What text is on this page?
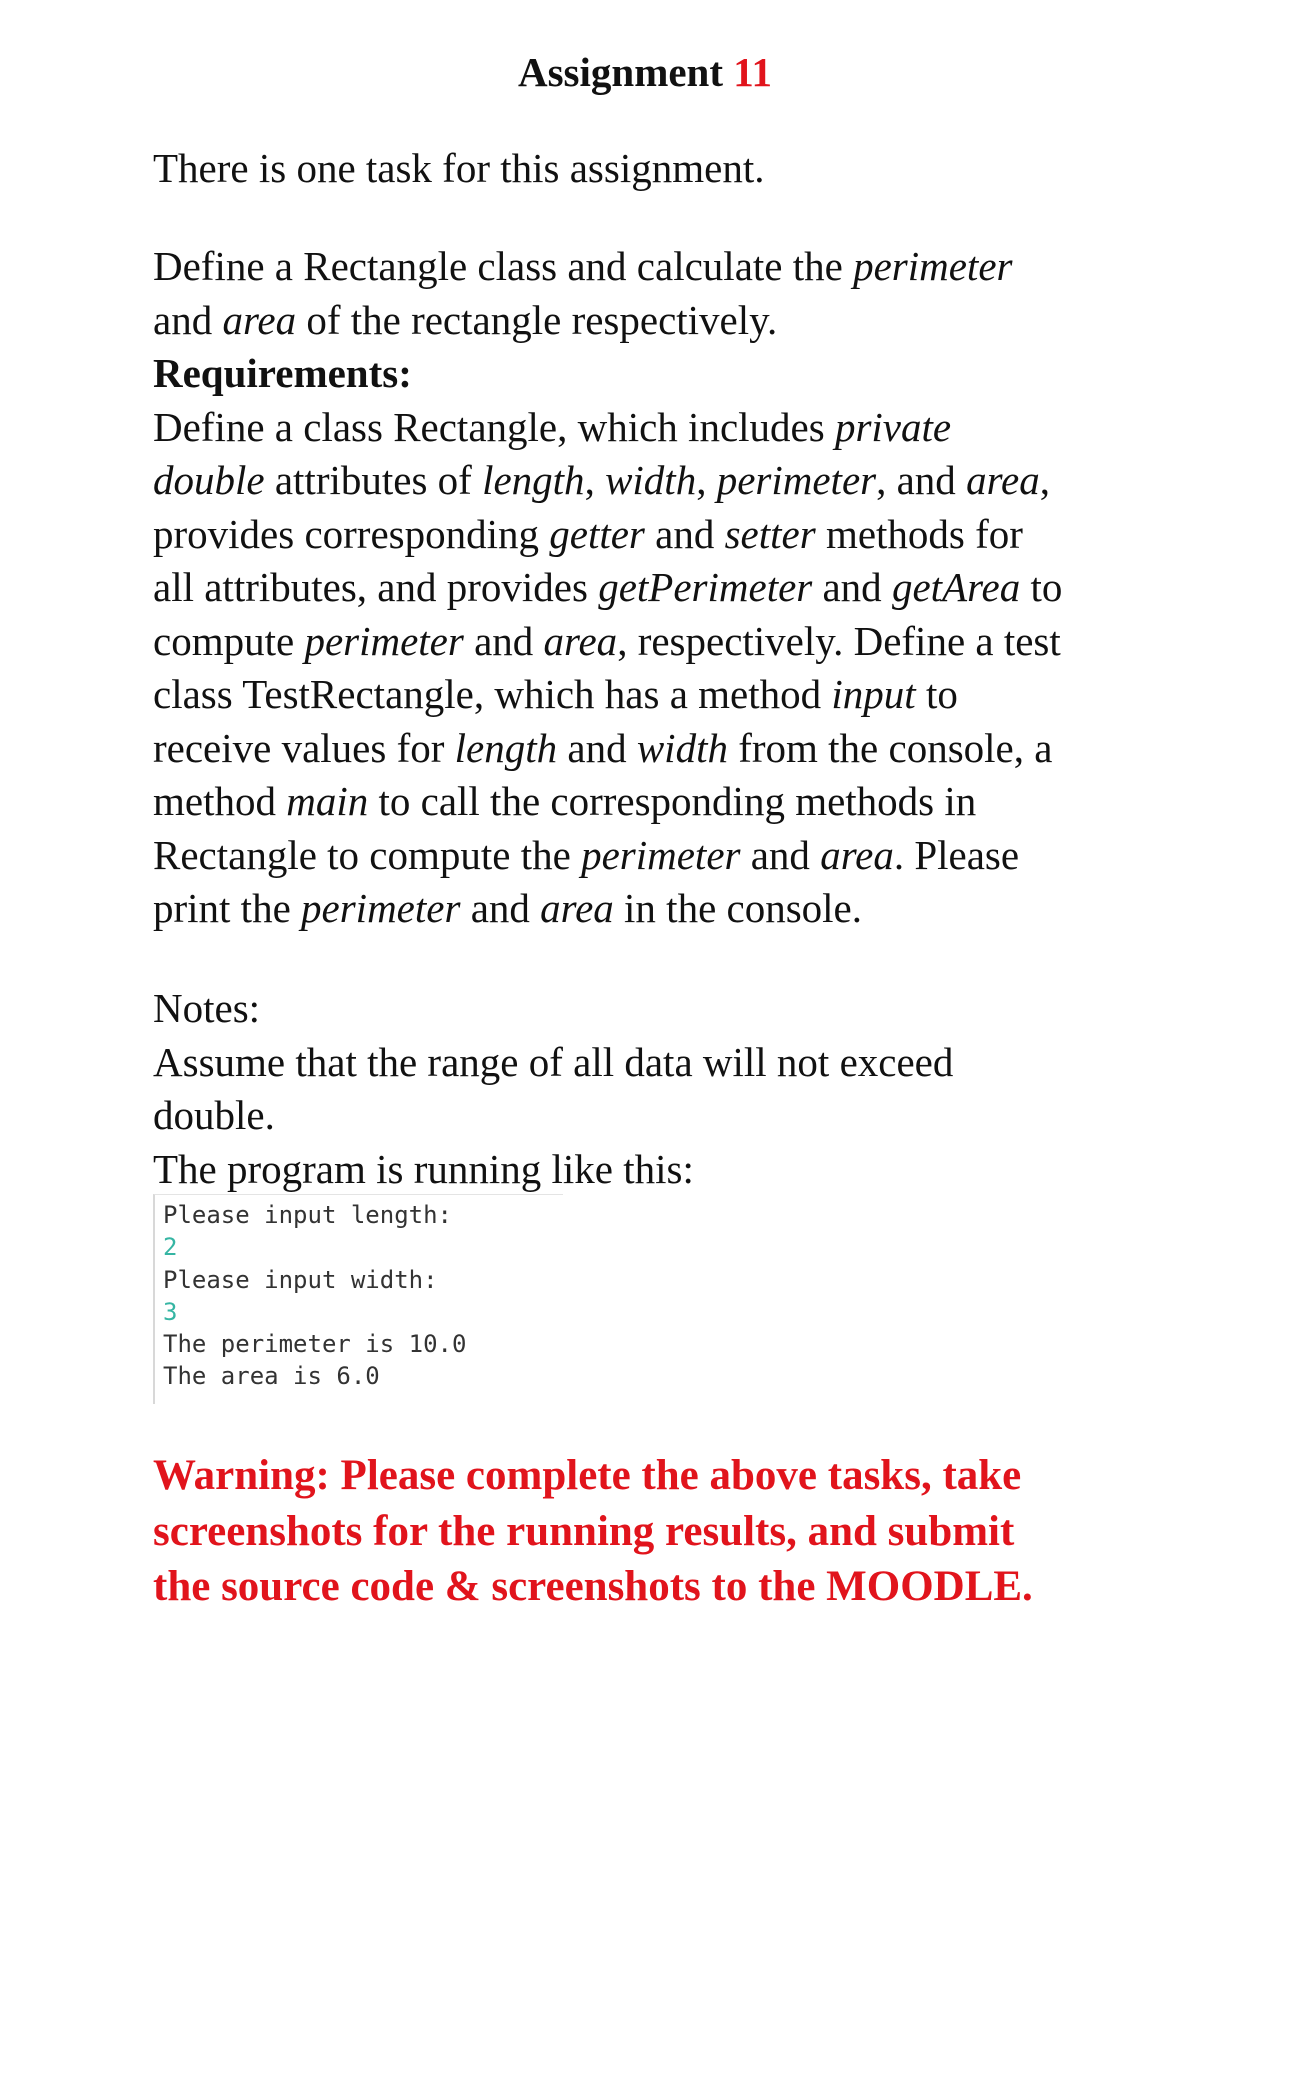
Assignment 11
There is one task for this assignment.
Define a Rectangle class and calculate the perimeter
and area of the rectangle respectively.
Requirements:
Define a class Rectangle, which includes private
double attributes of length, width, perimeter, and area,
provides corresponding getter and setter methods for
all attributes, and provides getPerimeter and getArea to
compute perimeter and area, respectively. Define a test
class TestRectangle, which has a method input to
receive values for length and width from the console, a
method main to call the corresponding methods in
Rectangle to compute the perimeter and area. Please
print the perimeter and area in the console.
Notes:
Assume that the range of all data will not exceed
double.
The program is running like this:
Please input length:
2
Please input width:
3
The perimeter is 10.0
The area is 6.0
Warning: Please complete the above tasks, take
screenshots for the running results, and submit
the source code & screenshots to the MOODLE.
